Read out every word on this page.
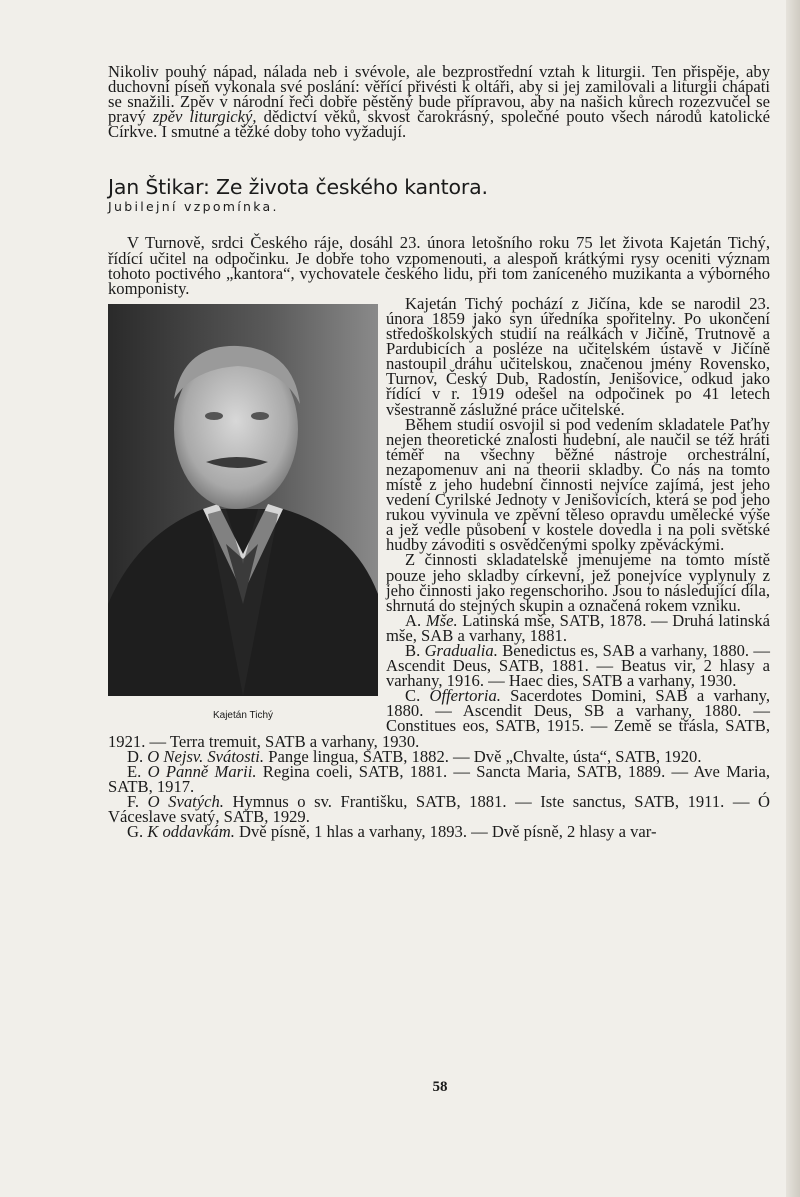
Nikoliv pouhý nápad, nálada neb i svévole, ale bezprostřední vztah k liturgii. Ten přispěje, aby duchovní píseň vykonala své poslání: věřící přivésti k oltáři, aby si jej zamilovali a liturgii chápati se snažili. Zpěv v národní řeči dobře pěstěný bude přípravou, aby na našich kůrech rozezvučel se pravý zpěv liturgický, dědictví věků, skvost čarokrásný, společné pouto všech národů katolické Církve. I smutné a těžké doby toho vyžadují.

Jan Štikar: Ze života českého kantora.

Jubilejní vzpomínka.

V Turnově, srdci Českého ráje, dosáhl 23. února letošního roku 75 let života Kajetán Tichý, řídící učitel na odpočinku. Je dobře toho vzpomenouti, a alespoň krátkými rysy oceniti význam tohoto poctivého „kantora“, vychovatele českého lidu, při tom zaníceného muzikanta a výborného komponisty.

Kajetán Tichý

Kajetán Tichý pochází z Jičína, kde se narodil 23. února 1859 jako syn úředníka spořitelny. Po ukončení středoškolských studií na reálkách v Jičíně, Trutnově a Pardubicích a posléze na učitelském ústavě v Jičíně nastoupil dráhu učitelskou, značenou jmény Rovensko, Turnov, Český Dub, Radostín, Jenišovice, odkud jako řídící v r. 1919 odešel na odpočinek po 41 letech všestranně záslužné práce učitelské.

Během studií osvojil si pod vedením skladatele Paťhy nejen theoretické znalosti hudební, ale naučil se též hráti téměř na všechny běžné nástroje orchestrální, nezapomenuv ani na theorii skladby. Co nás na tomto místě z jeho hudební činnosti nejvíce zajímá, jest jeho vedení Cyrilské Jednoty v Jenišovicích, která se pod jeho rukou vyvinula ve zpěvní těleso opravdu umělecké výše a jež vedle působení v kostele dovedla i na poli světské hudby závoditi s osvědčenými spolky zpěváckými.

Z činnosti skladatelské jmenujeme na tomto místě pouze jeho skladby církevní, jež ponejvíce vyplynuly z jeho činnosti jako regenschoriho. Jsou to následující díla, shrnutá do stejných skupin a označená rokem vzniku.

A. Mše. Latinská mše, SATB, 1878. — Druhá latinská mše, SAB a varhany, 1881.

B. Gradualia. Benedictus es, SAB a varhany, 1880. — Ascendit Deus, SATB, 1881. — Beatus vir, 2 hlasy a varhany, 1916. — Haec dies, SATB a varhany, 1930.

C. Offertoria. Sacerdotes Domini, SAB a varhany, 1880. — Ascendit Deus, SB a varhany, 1880. — Constitues eos, SATB, 1915. — Země se třásla, SATB, 1921. — Terra tremuit, SATB a varhany, 1930.

D. O Nejsv. Svátosti. Pange lingua, SATB, 1882. — Dvě „Chvalte, ústa“, SATB, 1920.

E. O Panně Marii. Regina coeli, SATB, 1881. — Sancta Maria, SATB, 1889. — Ave Maria, SATB, 1917.

F. O Svatých. Hymnus o sv. Františku, SATB, 1881. — Iste sanctus, SATB, 1911. — Ó Váceslave svatý, SATB, 1929.

G. K oddavkám. Dvě písně, 1 hlas a varhany, 1893. — Dvě písně, 2 hlasy a var-

58
